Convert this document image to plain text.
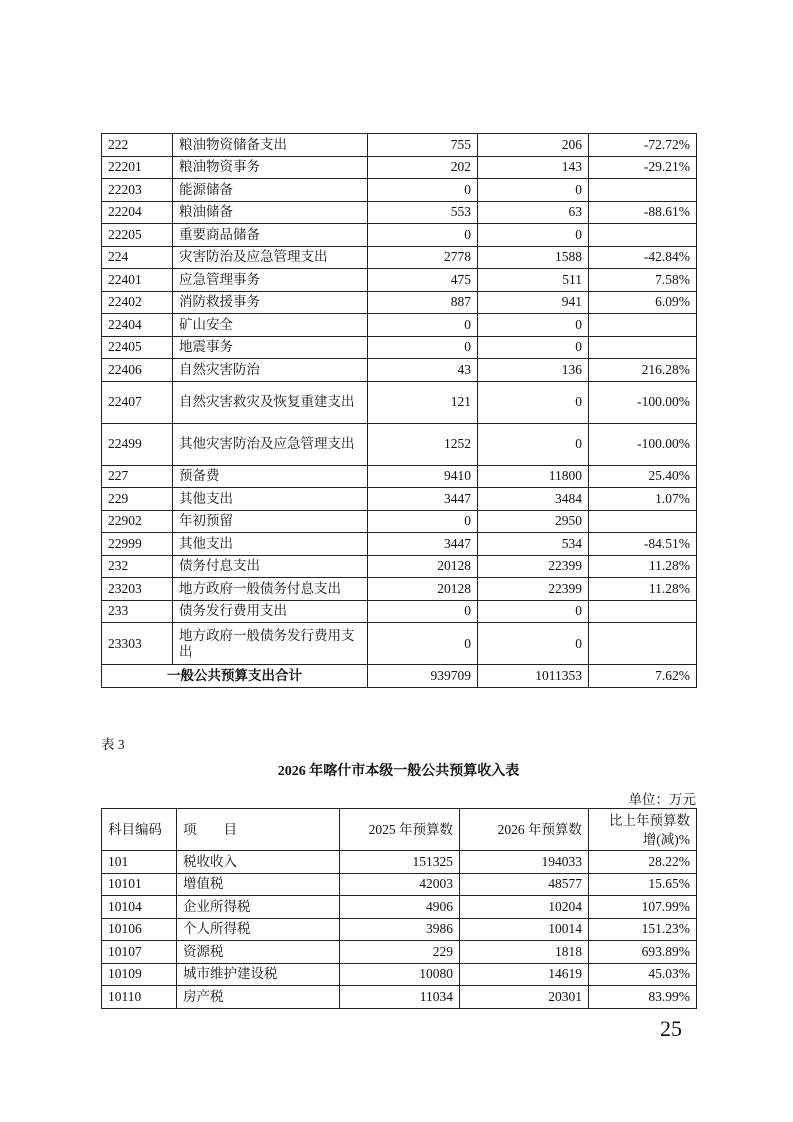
222	粮油物资储备支出	755	206	-72.72%
22201	粮油物资事务	202	143	-29.21%
22203	能源储备	0	0	
22204	粮油储备	553	63	-88.61%
22205	重要商品储备	0	0	
224	灾害防治及应急管理支出	2778	1588	-42.84%
22401	应急管理事务	475	511	7.58%
22402	消防救援事务	887	941	6.09%
22404	矿山安全	0	0	
22405	地震事务	0	0	
22406	自然灾害防治	43	136	216.28%
22407	自然灾害救灾及恢复重建支出	121	0	-100.00%
22499	其他灾害防治及应急管理支出	1252	0	-100.00%
227	预备费	9410	11800	25.40%
229	其他支出	3447	3484	1.07%
22902	年初预留	0	2950	
22999	其他支出	3447	534	-84.51%
232	债务付息支出	20128	22399	11.28%
23203	地方政府一般债务付息支出	20128	22399	11.28%
233	债务发行费用支出	0	0	
23303	地方政府一般债务发行费用支出	0	0	
一般公共预算支出合计		939709	1011353	7.62%
表 3
2026 年喀什市本级一般公共预算收入表
单位：万元
科目编码	项　　目	2025 年预算数	2026 年预算数	比上年预算数
增(减)%

101	税收收入	151325	194033	28.22%
10101	增值税	42003	48577	15.65%
10104	企业所得税	4906	10204	107.99%
10106	个人所得税	3986	10014	151.23%
10107	资源税	229	1818	693.89%
10109	城市维护建设税	10080	14619	45.03%
10110	房产税	11034	20301	83.99%
25
